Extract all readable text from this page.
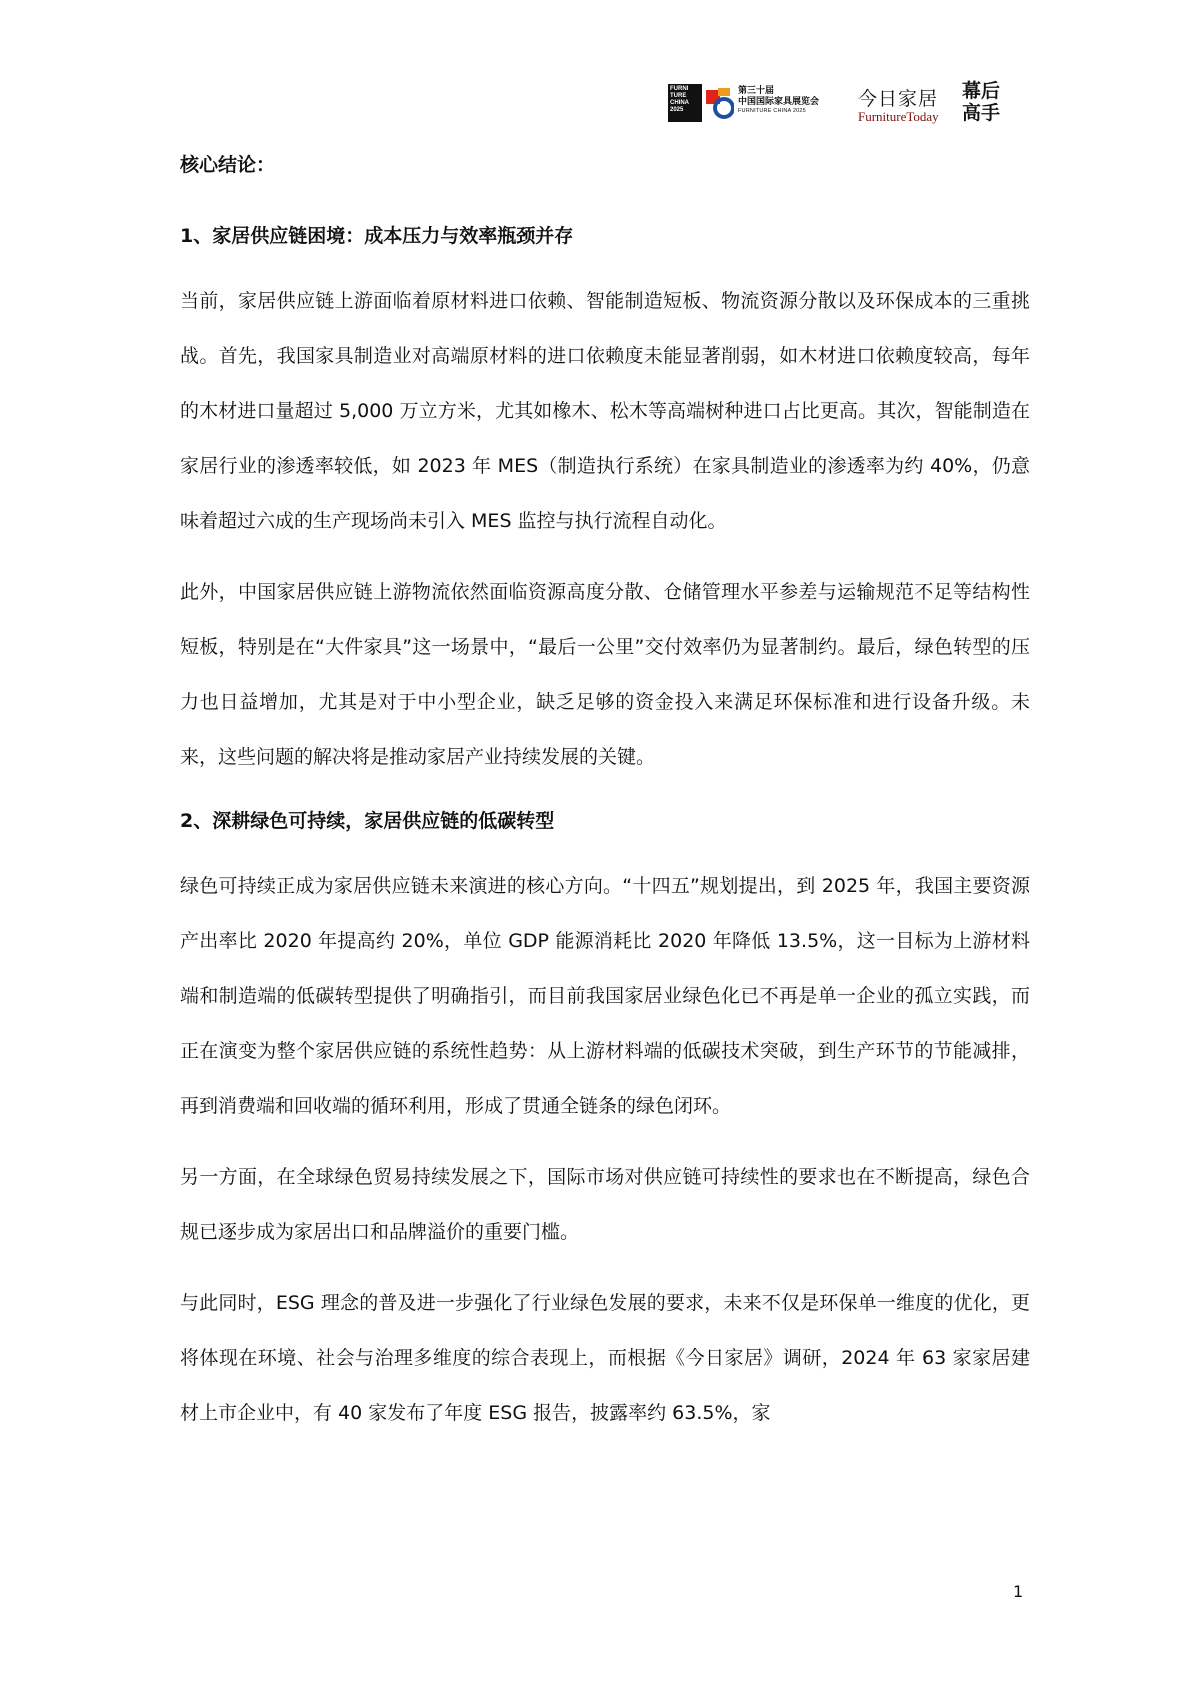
FURNI TURE CHINA 2025
第三十届
中国国际家具展览会
FURNITURE CHINA 2025
今日家居
FurnitureToday
幕后高手
核心结论：
1、家居供应链困境：成本压力与效率瓶颈并存

当前，家居供应链上游面临着原材料进口依赖、智能制造短板、物流资源分散以及环保成本的三重挑战。首先，我国家具制造业对高端原材料的进口依赖度未能显著削弱，如木材进口依赖度较高，每年的木材进口量超过 5,000 万立方米，尤其如橡木、松木等高端树种进口占比更高。其次，智能制造在家居行业的渗透率较低，如 2023 年 MES（制造执行系统）在家具制造业的渗透率为约 40%，仍意味着超过六成的生产现场尚未引入 MES 监控与执行流程自动化。

此外，中国家居供应链上游物流依然面临资源高度分散、仓储管理水平参差与运输规范不足等结构性短板，特别是在“大件家具”这一场景中，“最后一公里”交付效率仍为显著制约。最后，绿色转型的压力也日益增加，尤其是对于中小型企业，缺乏足够的资金投入来满足环保标准和进行设备升级。未来，这些问题的解决将是推动家居产业持续发展的关键。

2、深耕绿色可持续，家居供应链的低碳转型

绿色可持续正成为家居供应链未来演进的核心方向。“十四五”规划提出，到 2025 年，我国主要资源产出率比 2020 年提高约 20%，单位 GDP 能源消耗比 2020 年降低 13.5%，这一目标为上游材料端和制造端的低碳转型提供了明确指引，而目前我国家居业绿色化已不再是单一企业的孤立实践，而正在演变为整个家居供应链的系统性趋势：从上游材料端的低碳技术突破，到生产环节的节能减排，再到消费端和回收端的循环利用，形成了贯通全链条的绿色闭环。

另一方面，在全球绿色贸易持续发展之下，国际市场对供应链可持续性的要求也在不断提高，绿色合规已逐步成为家居出口和品牌溢价的重要门槛。

与此同时，ESG 理念的普及进一步强化了行业绿色发展的要求，未来不仅是环保单一维度的优化，更将体现在环境、社会与治理多维度的综合表现上，而根据《今日家居》调研，2024 年 63 家家居建材上市企业中，有 40 家发布了年度 ESG 报告，披露率约 63.5%，家

1
